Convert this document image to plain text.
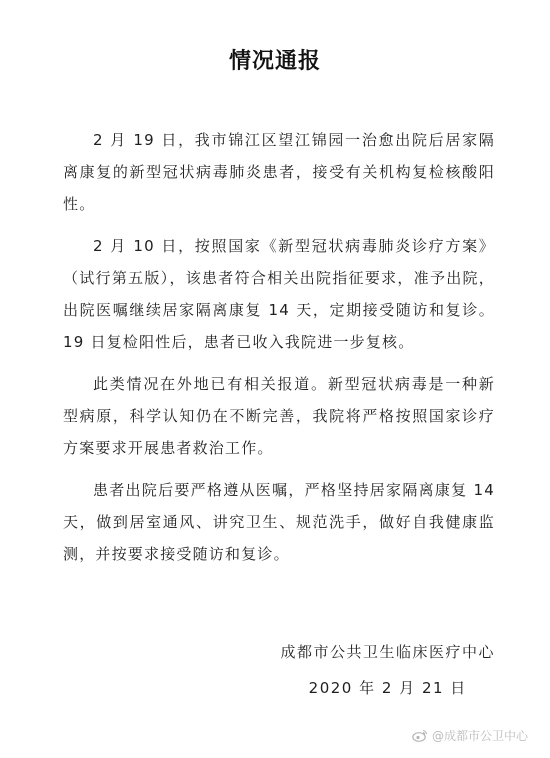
情况通报

2 月 19 日，我市锦江区望江锦园一治愈出院后居家隔离康复的新型冠状病毒肺炎患者，接受有关机构复检核酸阳性。

2 月 10 日，按照国家《新型冠状病毒肺炎诊疗方案》（试行第五版），该患者符合相关出院指征要求，准予出院，出院医嘱继续居家隔离康复 14 天，定期接受随访和复诊。19 日复检阳性后，患者已收入我院进一步复核。

此类情况在外地已有相关报道。新型冠状病毒是一种新型病原，科学认知仍在不断完善，我院将严格按照国家诊疗方案要求开展患者救治工作。

患者出院后要严格遵从医嘱，严格坚持居家隔离康复 14 天，做到居室通风、讲究卫生、规范洗手，做好自我健康监测，并按要求接受随访和复诊。

成都市公共卫生临床医疗中心
2020 年 2 月 21 日
@成都市公卫中心
